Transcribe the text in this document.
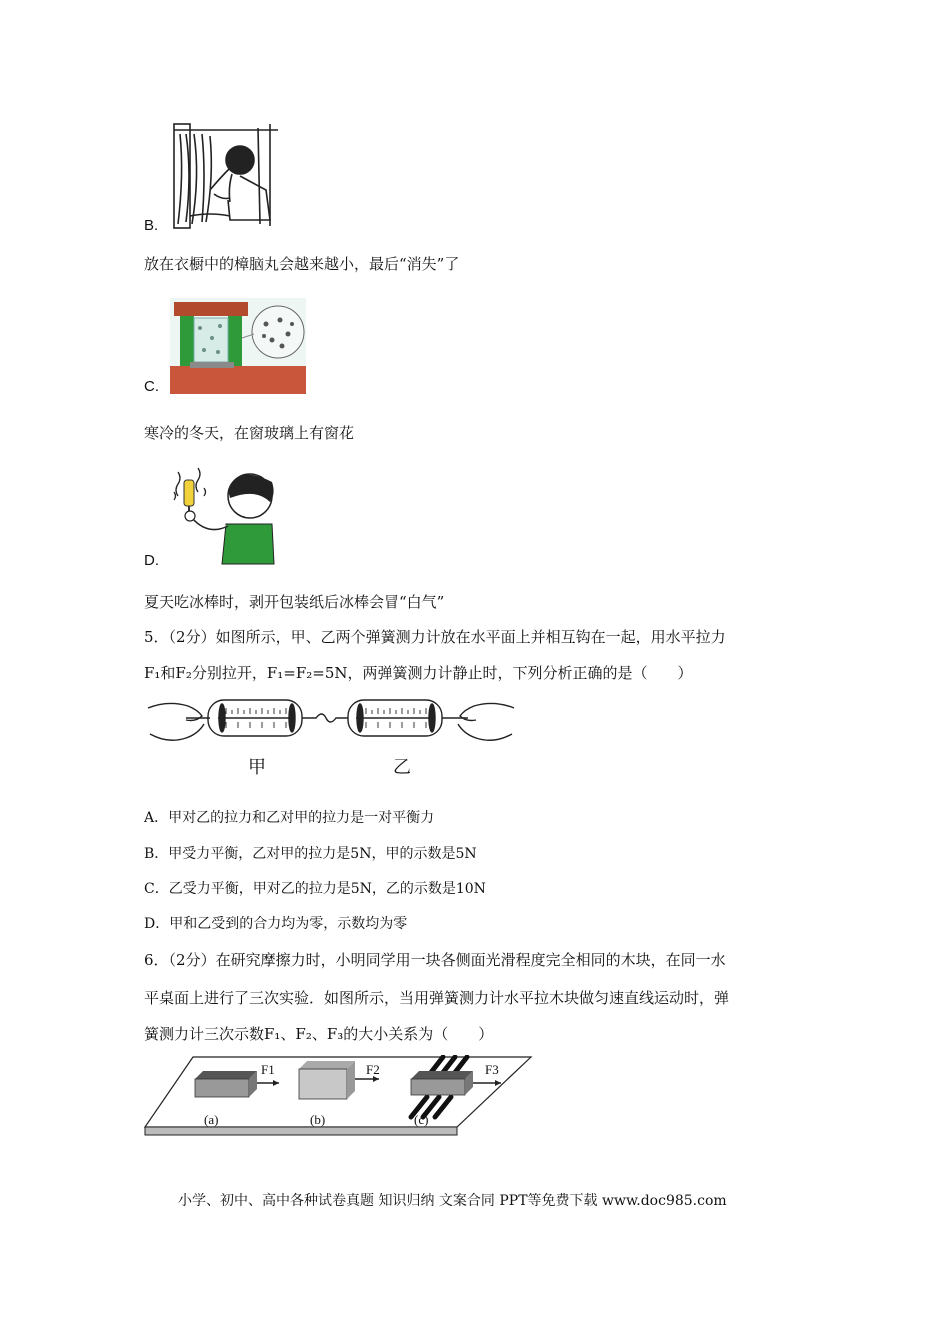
B.
放在衣橱中的樟脑丸会越来越小，最后“消失”了
C.
寒冷的冬天，在窗玻璃上有窗花
D.
夏天吃冰棒时，剥开包装纸后冰棒会冒“白气”
5．（2分）如图所示，甲、乙两个弹簧测力计放在水平面上并相互钩在一起，用水平拉力
F₁和F₂分别拉开，F₁=F₂=5N，两弹簧测力计静止时，下列分析正确的是（　　）
甲	乙
A．甲对乙的拉力和乙对甲的拉力是一对平衡力
B．甲受力平衡，乙对甲的拉力是5N，甲的示数是5N
C．乙受力平衡，甲对乙的拉力是5N，乙的示数是10N
D．甲和乙受到的合力均为零，示数均为零
6．（2分）在研究摩擦力时，小明同学用一块各侧面光滑程度完全相同的木块，在同一水
平桌面上进行了三次实验．如图所示，当用弹簧测力计水平拉木块做匀速直线运动时，弹
簧测力计三次示数F₁、F₂、F₃的大小关系为（　　）
F1	F2	F3
(a)	(b)	(c)
小学、初中、高中各种试卷真题 知识归纳 文案合同 PPT等免费下载 www.doc985.com
